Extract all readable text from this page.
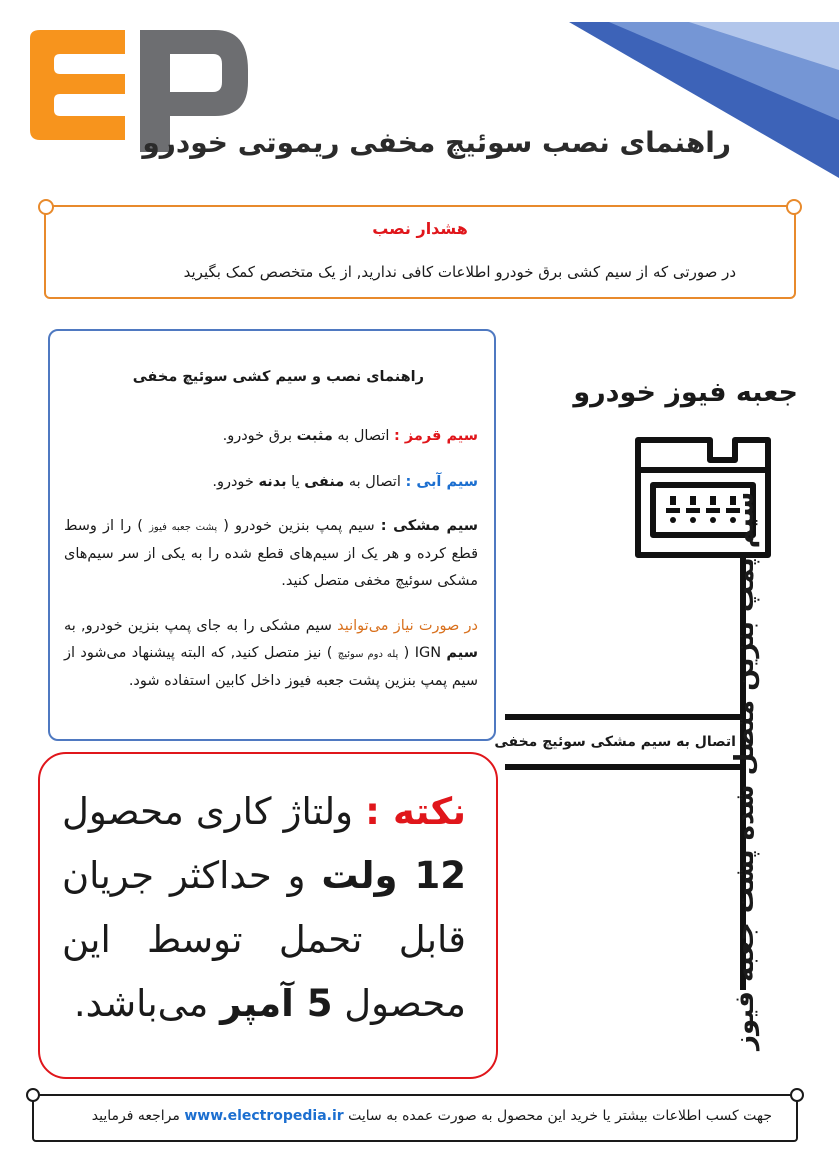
راهنمای نصب سوئیچ مخفی ریموتی خودرو
هشدار نصب
در صورتی که از سیم کشی برق خودرو اطلاعات کافی ندارید, از یک متخصص کمک بگیرید
راهنمای نصب و سیم کشی سوئیچ مخفی
سیم قرمز : اتصال به مثبت برق خودرو.
سیم آبی : اتصال به منفی یا بدنه خودرو.
سیم مشکی : سیم پمپ بنزین خودرو ( پشت جعبه فیوز ) را از وسط قطع کرده و هر یک از سیم‌های قطع شده را به یکی از سر سیم‌های مشکی سوئیچ مخفی متصل کنید.
در صورت نیاز می‌توانید سیم مشکی را به جای پمپ بنزین خودرو, به سیم IGN ( پله دوم سوئیچ ) نیز متصل کنید, که البته پیشنهاد می‌شود از سیم پمپ بنزین پشت جعبه فیوز داخل کابین استفاده شود.
نکته : ولتاژ کاری محصول 12 ولت و حداکثر جریان قابل تحمل توسط این محصول 5 آمپر می‌باشد.
جعبه فیوز خودرو
اتصال به سیم مشکی سوئیچ مخفی
سیم پمپ بنزین متصل شده پشت جعبه فیوز
جهت کسب اطلاعات بیشتر یا خرید این محصول به صورت عمده به سایت www.electropedia.ir مراجعه فرمایید
